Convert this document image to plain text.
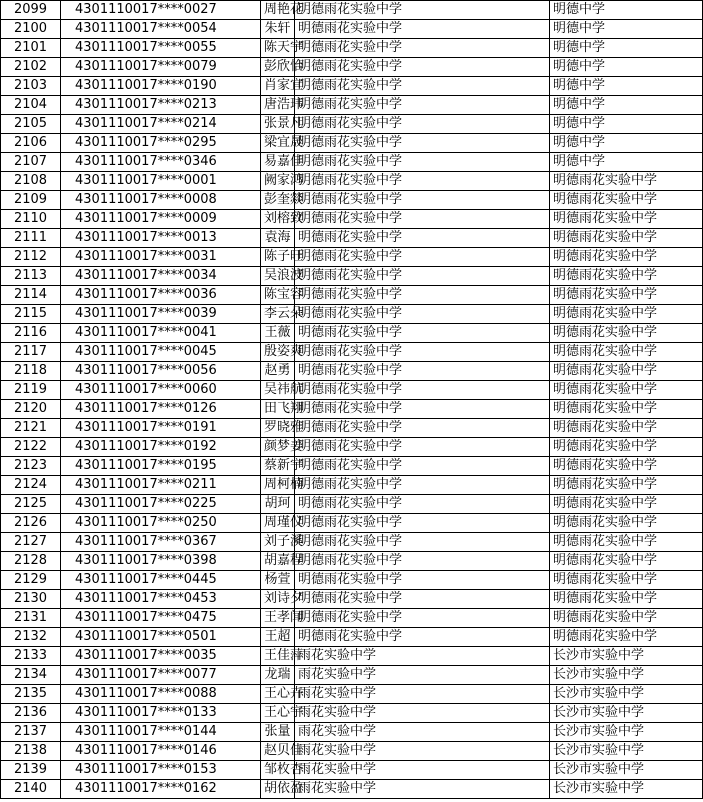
2099	4301110017****0027	周艳花	明德雨花实验中学	明德中学
2100	4301110017****0054	朱轩	明德雨花实验中学	明德中学
2101	4301110017****0055	陈天宇	明德雨花实验中学	明德中学
2102	4301110017****0079	彭欣怡	明德雨花实验中学	明德中学
2103	4301110017****0190	肖家宜	明德雨花实验中学	明德中学
2104	4301110017****0213	唐浩玮	明德雨花实验中学	明德中学
2105	4301110017****0214	张景凡	明德雨花实验中学	明德中学
2106	4301110017****0295	梁宜晟	明德雨花实验中学	明德中学
2107	4301110017****0346	易嘉佳	明德雨花实验中学	明德中学
2108	4301110017****0001	阙家鸿	明德雨花实验中学	明德雨花实验中学
2109	4301110017****0008	彭奎燚	明德雨花实验中学	明德雨花实验中学
2110	4301110017****0009	刘榕致	明德雨花实验中学	明德雨花实验中学
2111	4301110017****0013	袁海	明德雨花实验中学	明德雨花实验中学
2112	4301110017****0031	陈子旺	明德雨花实验中学	明德雨花实验中学
2113	4301110017****0034	吴浪波	明德雨花实验中学	明德雨花实验中学
2114	4301110017****0036	陈宝容	明德雨花实验中学	明德雨花实验中学
2115	4301110017****0039	李云朵	明德雨花实验中学	明德雨花实验中学
2116	4301110017****0041	王薇	明德雨花实验中学	明德雨花实验中学
2117	4301110017****0045	殷姿爽	明德雨花实验中学	明德雨花实验中学
2118	4301110017****0056	赵勇	明德雨花实验中学	明德雨花实验中学
2119	4301110017****0060	吴祎航	明德雨花实验中学	明德雨花实验中学
2120	4301110017****0126	田飞翔	明德雨花实验中学	明德雨花实验中学
2121	4301110017****0191	罗晓雅	明德雨花实验中学	明德雨花实验中学
2122	4301110017****0192	颜梦姜	明德雨花实验中学	明德雨花实验中学
2123	4301110017****0195	蔡新宇	明德雨花实验中学	明德雨花实验中学
2124	4301110017****0211	周柯楠	明德雨花实验中学	明德雨花实验中学
2125	4301110017****0225	胡珂	明德雨花实验中学	明德雨花实验中学
2126	4301110017****0250	周瑾仪	明德雨花实验中学	明德雨花实验中学
2127	4301110017****0367	刘子溪	明德雨花实验中学	明德雨花实验中学
2128	4301110017****0398	胡嘉程	明德雨花实验中学	明德雨花实验中学
2129	4301110017****0445	杨萱	明德雨花实验中学	明德雨花实验中学
2130	4301110017****0453	刘诗夕	明德雨花实验中学	明德雨花实验中学
2131	4301110017****0475	王孝闻	明德雨花实验中学	明德雨花实验中学
2132	4301110017****0501	王超	明德雨花实验中学	明德雨花实验中学
2133	4301110017****0035	王佳萍	雨花实验中学	长沙市实验中学
2134	4301110017****0077	龙瑞	雨花实验中学	长沙市实验中学
2135	4301110017****0088	王心卉	雨花实验中学	长沙市实验中学
2136	4301110017****0133	王心宇	雨花实验中学	长沙市实验中学
2137	4301110017****0144	张量	雨花实验中学	长沙市实验中学
2138	4301110017****0146	赵贝佳	雨花实验中学	长沙市实验中学
2139	4301110017****0153	邹枚杏	雨花实验中学	长沙市实验中学
2140	4301110017****0162	胡依盈	雨花实验中学	长沙市实验中学
